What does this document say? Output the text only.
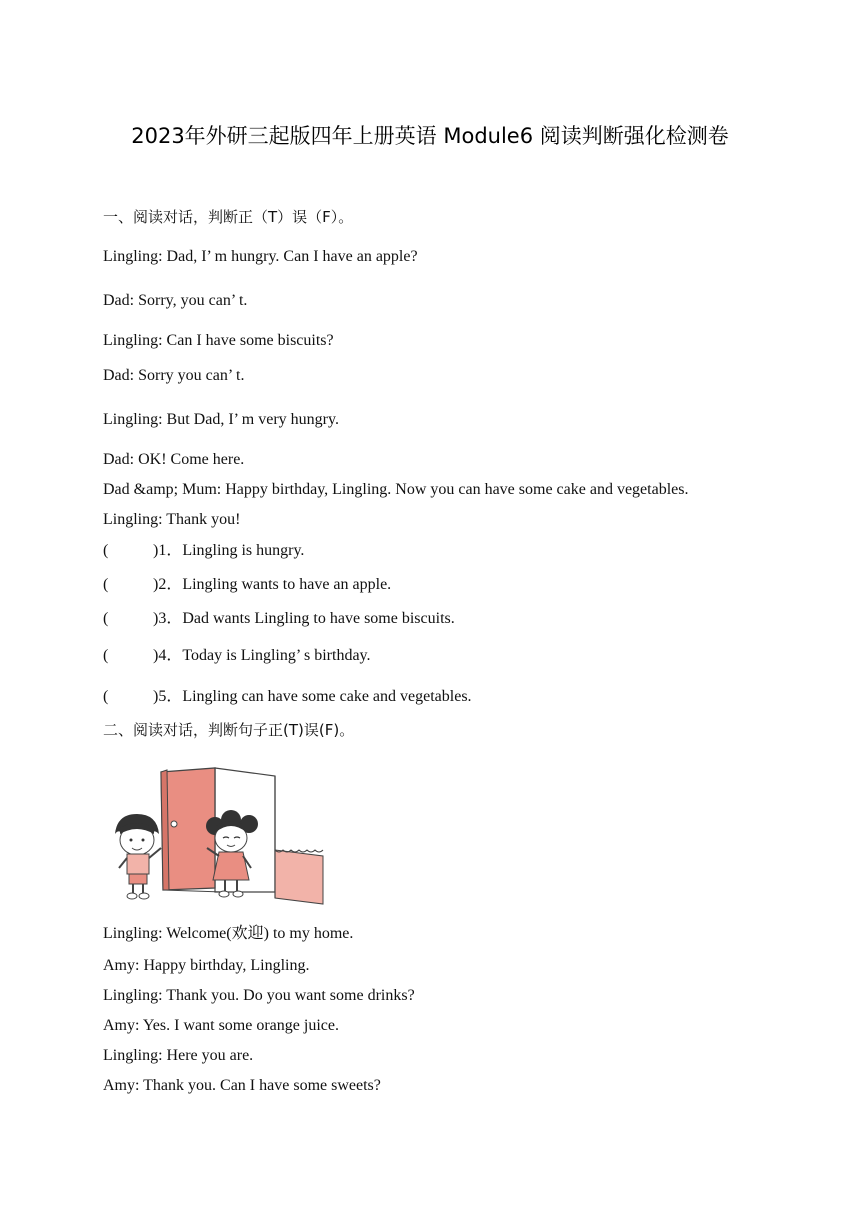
2023年外研三起版四年上册英语 Module6 阅读判断强化检测卷
一、阅读对话，判断正（T）误（F）。
Lingling: Dad, I’ m hungry. Can I have an apple?
Dad: Sorry, you can’ t.
Lingling: Can I have some biscuits?
Dad: Sorry you can’ t.
Lingling: But Dad, I’ m very hungry.
Dad: OK! Come here.
Dad &amp; Mum: Happy birthday, Lingling. Now you can have some cake and vegetables.
Lingling: Thank you!
(	)1．Lingling is hungry.
(	)2．Lingling wants to have an apple.
(	)3．Dad wants Lingling to have some biscuits.
(	)4．Today is Lingling’ s birthday.
(	)5．Lingling can have some cake and vegetables.
二、阅读对话，判断句子正(T)误(F)。
Lingling: Welcome(欢迎) to my home.
Amy: Happy birthday, Lingling.
Lingling: Thank you. Do you want some drinks?
Amy: Yes. I want some orange juice.
Lingling: Here you are.
Amy: Thank you. Can I have some sweets?
